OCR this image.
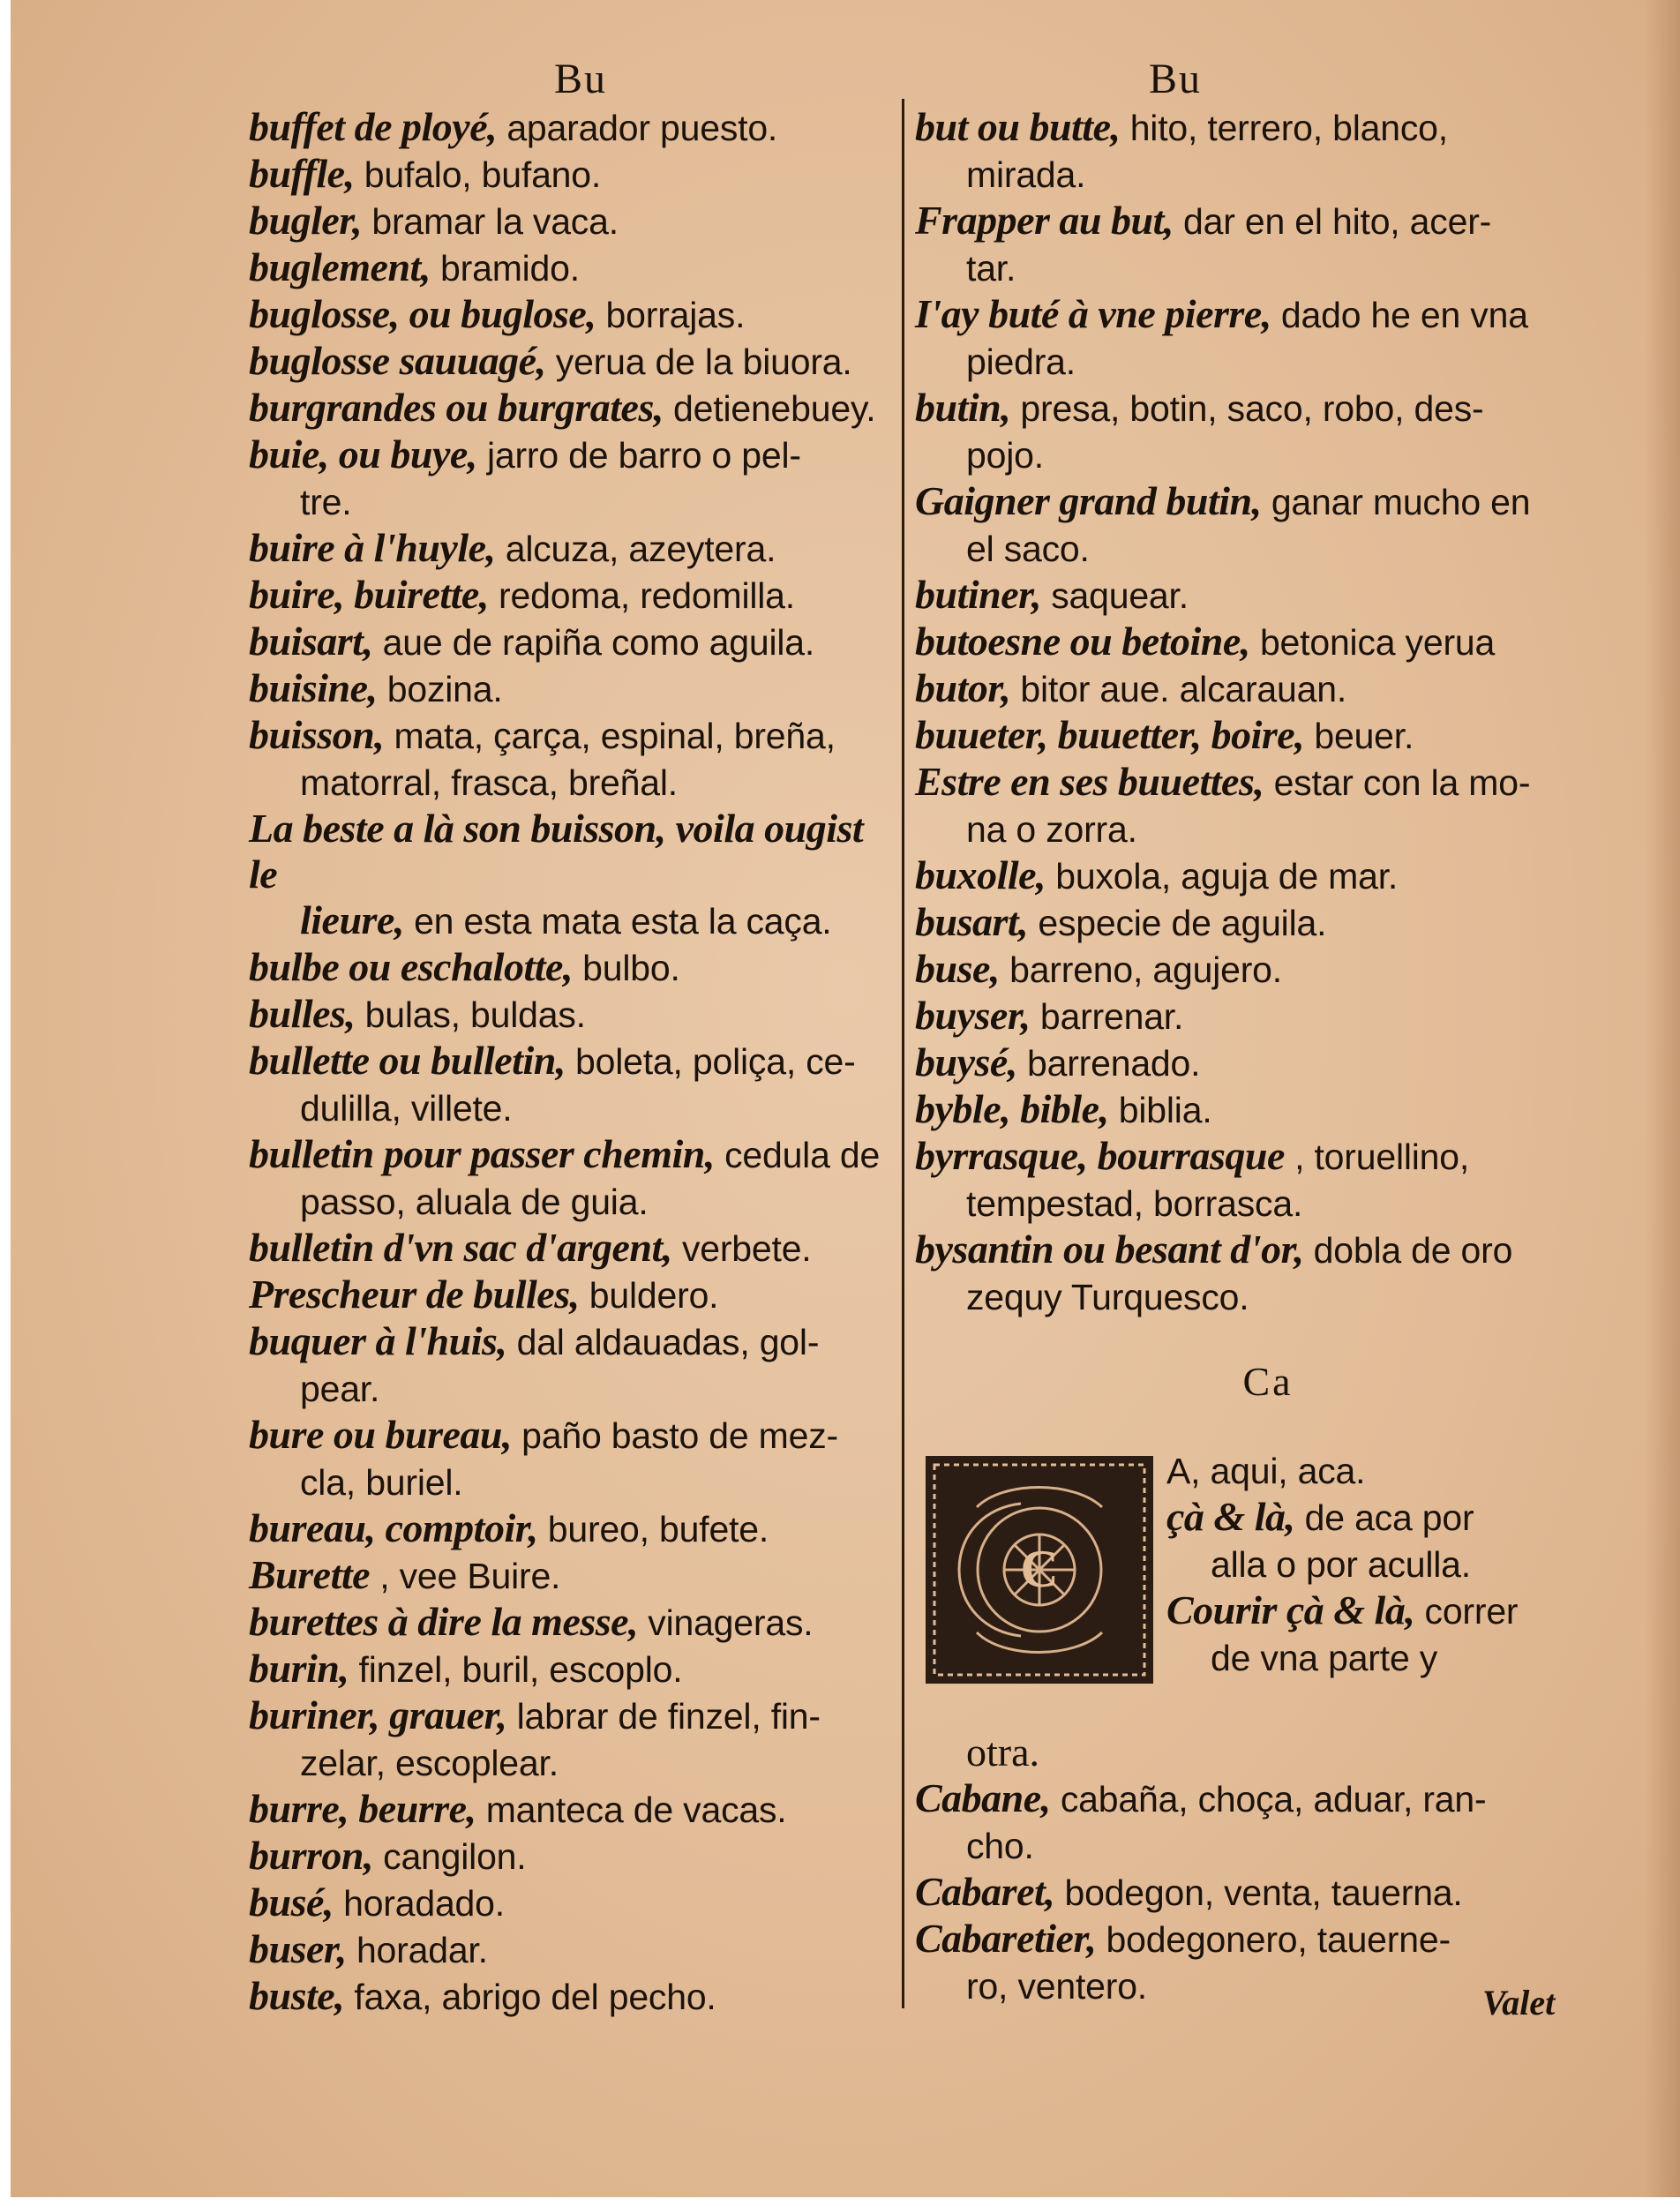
Bu	Bu
buffet de ployé, aparador puesto.
buffle, bufalo, bufano.
bugler, bramar la vaca.
buglement, bramido.
buglosse, ou buglose, borrajas.
buglosse sauuagé, yerua de la biuora.
burgrandes ou burgrates, detienebuey.
buie, ou buye, jarro de barro o pel-
tre.
buire à l'huyle, alcuza, azeytera.
buire, buirette, redoma, redomilla.
buisart, aue de rapiña como aguila.
buisine, bozina.
buisson, mata, çarça, espinal, breña,
matorral, frasca, breñal.
La beste a là son buisson, voila ougist le
lieure, en esta mata esta la caça.
bulbe ou eschalotte, bulbo.
bulles, bulas, buldas.
bullette ou bulletin, boleta, poliça, ce-
dulilla, villete.
bulletin pour passer chemin, cedula de
passo, aluala de guia.
bulletin d'vn sac d'argent, verbete.
Prescheur de bulles, buldero.
buquer à l'huis, dal aldauadas, gol-
pear.
bure ou bureau, paño basto de mez-
cla, buriel.
bureau, comptoir, bureo, bufete.
Burette , vee Buire.
burettes à dire la messe, vinageras.
burin, finzel, buril, escoplo.
buriner, grauer, labrar de finzel, fin-
zelar, escoplear.
burre, beurre, manteca de vacas.
burron, cangilon.
busé, horadado.
buser, horadar.
buste, faxa, abrigo del pecho.
but ou butte, hito, terrero, blanco,
mirada.
Frapper au but, dar en el hito, acer-
tar.
I'ay buté à vne pierre, dado he en vna
piedra.
butin, presa, botin, saco, robo, des-
pojo.
Gaigner grand butin, ganar mucho en
el saco.
butiner, saquear.
butoesne ou betoine, betonica yerua
butor, bitor aue. alcarauan.
buueter, buuetter, boire, beuer.
Estre en ses buuettes, estar con la mo-
na o zorra.
buxolle, buxola, aguja de mar.
busart, especie de aguila.
buse, barreno, agujero.
buyser, barrenar.
buysé, barrenado.
byble, bible, biblia.
byrrasque, bourrasque , toruellino,
tempestad, borrasca.
bysantin ou besant d'or, dobla de oro
zequy Turquesco.
Ca
C
A, aqui, aca.
çà & là, de aca por
alla o por aculla.
Courir çà & là, correr
de vna parte y
otra.
Cabane, cabaña, choça, aduar, ran-
cho.
Cabaret, bodegon, venta, tauerna.
Cabaretier, bodegonero, tauerne-
ro, ventero.	Valet
